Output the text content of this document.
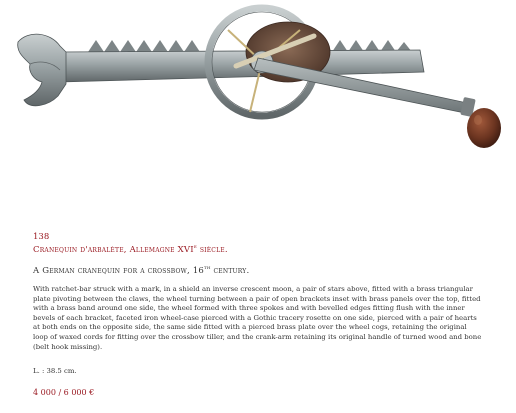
138

Cranequin d'arbalète, Allemagne XVIe siècle.

A German cranequin for a crossbow, 16th century.

With ratchet-bar struck with a mark, in a shield an inverse crescent moon, a pair of stars above, fitted with a brass triangular plate pivoting between the claws, the wheel turning between a pair of open brackets inset with brass panels over the top, fitted with a brass band around one side, the wheel formed with three spokes and with bevelled edges fitting flush with the inner bevels of each bracket, faceted iron wheel-case pierced with a Gothic tracery rosette on one side, pierced with a pair of hearts at both ends on the opposite side, the same side fitted with a pierced brass plate over the wheel cogs, retaining the original loop of waxed cords for fitting over the crossbow tiller, and the crank-arm retaining its original handle of turned wood and bone (belt hook missing).

L. : 38.5 cm.

4 000 / 6 000 €
